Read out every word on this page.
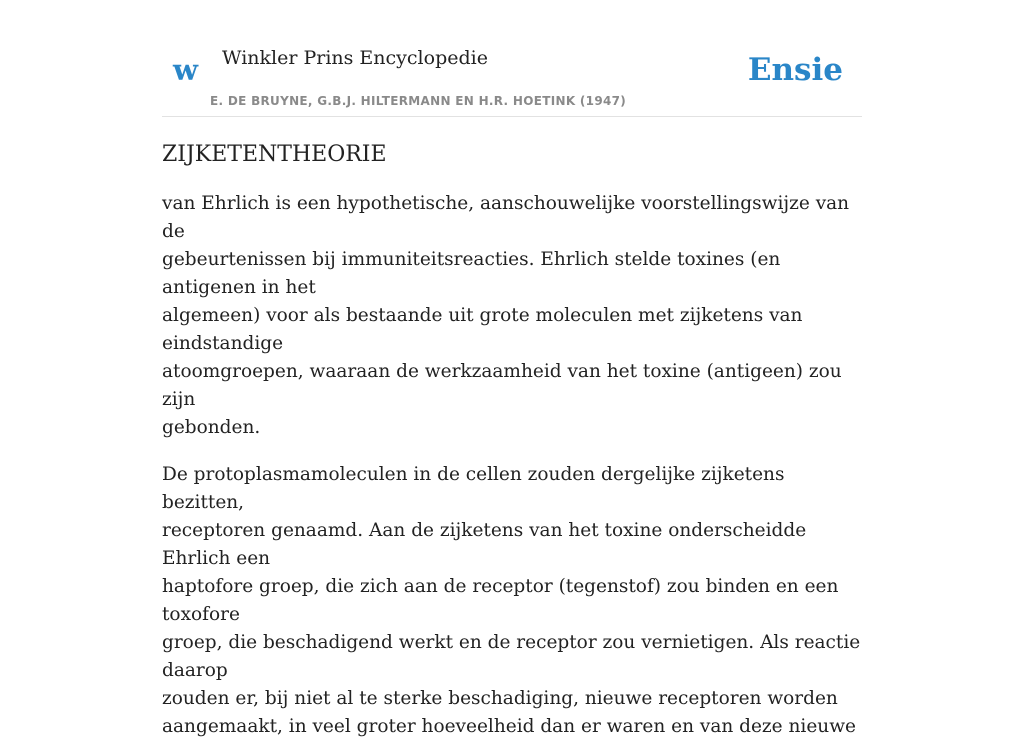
w Winkler Prins Encyclopedie
E. DE BRUYNE, G.B.J. HILTERMANN EN H.R. HOETINK (1947)
Ensie
ZIJKETENTHEORIE

van Ehrlich is een hypothetische, aanschouwelijke voorstellingswijze van de
gebeurtenissen bij immuniteitsreacties. Ehrlich stelde toxines (en antigenen in het
algemeen) voor als bestaande uit grote moleculen met zijketens van eindstandige
atoomgroepen, waaraan de werkzaamheid van het toxine (antigeen) zou zijn
gebonden.

De protoplasmamoleculen in de cellen zouden dergelijke zijketens bezitten,
receptoren genaamd. Aan de zijketens van het toxine onderscheidde Ehrlich een
haptofore groep, die zich aan de receptor (tegenstof) zou binden en een toxofore
groep, die beschadigend werkt en de receptor zou vernietigen. Als reactie daarop
zouden er, bij niet al te sterke beschadiging, nieuwe receptoren worden
aangemaakt, in veel groter hoeveelheid dan er waren en van deze nieuwe
